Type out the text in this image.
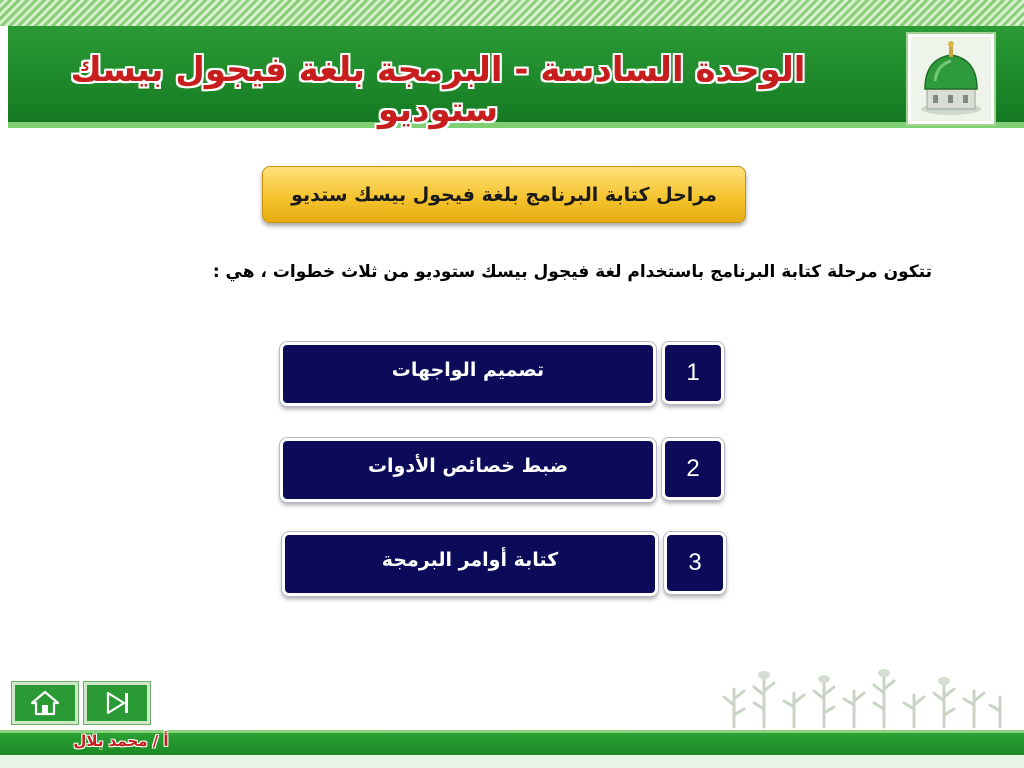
الوحدة السادسة - البرمجة بلغة فيجول بيسك ستوديو
مراحل كتابة البرنامج بلغة فيجول بيسك ستديو
تتكون مرحلة كتابة البرنامج باستخدام لغة فيجول بيسك ستوديو من ثلاث خطوات ، هي :
تصميم الواجهات	1
ضبط خصائص الأدوات	2
كتابة أوامر البرمجة	3
أ / محمد بلال
